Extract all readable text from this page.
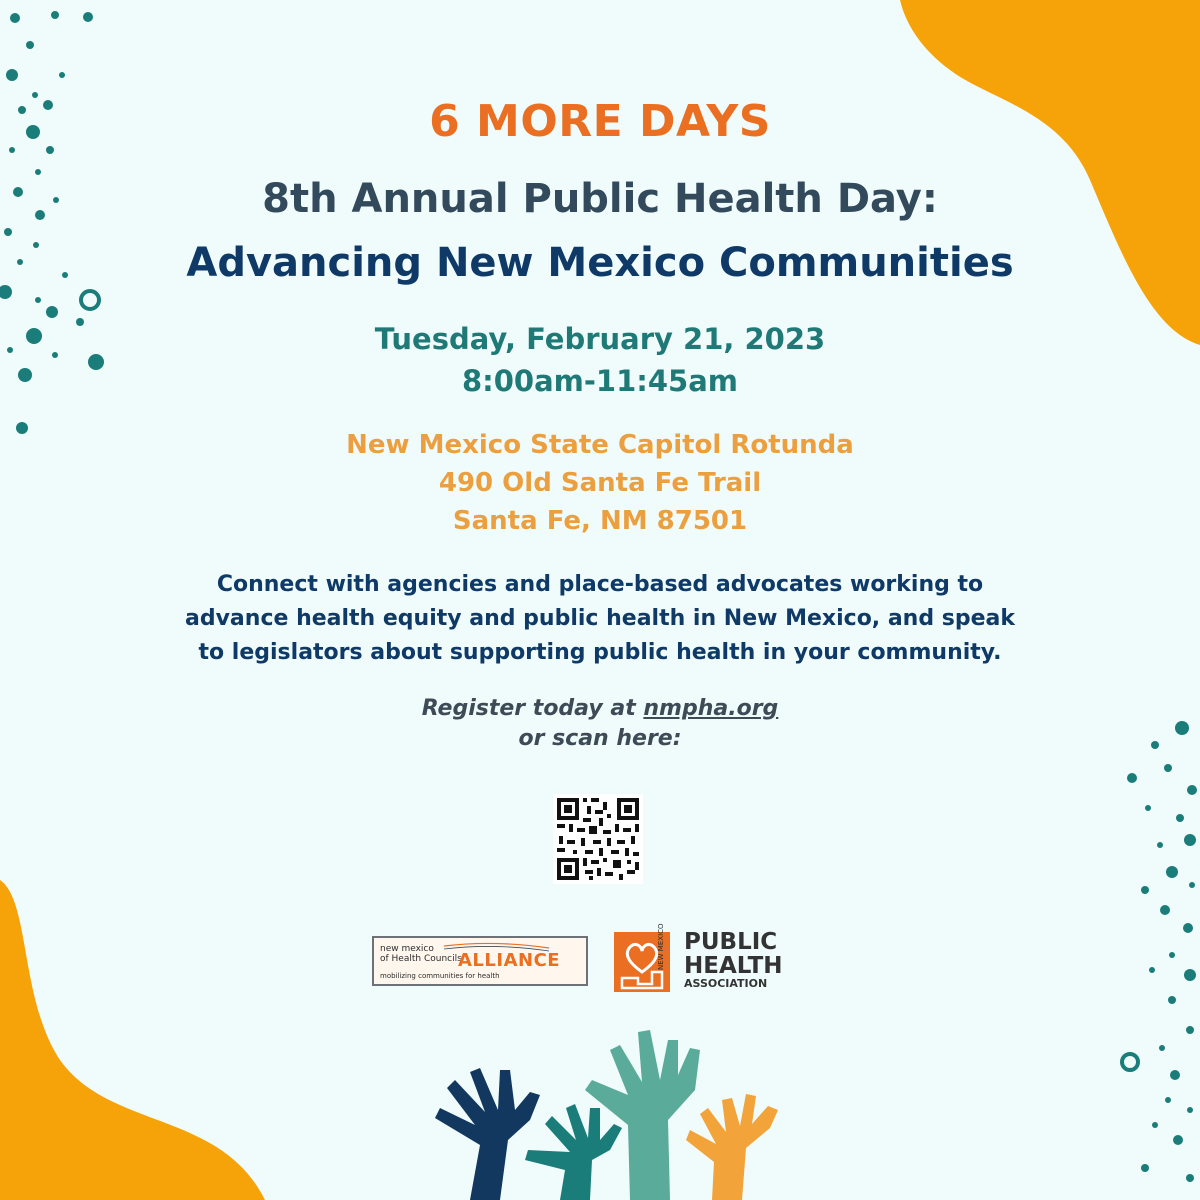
6 MORE DAYS
8th Annual Public Health Day:
Advancing New Mexico Communities
Tuesday, February 21, 2023
8:00am-11:45am
New Mexico State Capitol Rotunda
490 Old Santa Fe Trail
Santa Fe, NM 87501
Connect with agencies and place-based advocates working to
advance health equity and public health in New Mexico, and speak
to legislators about supporting public health in your community.
Register today at nmpha.org
or scan here:
new mexico
of Health Councils
ALLIANCE
mobilizing communities for health
NEW MEXICO PUBLIC
HEALTH
ASSOCIATION
